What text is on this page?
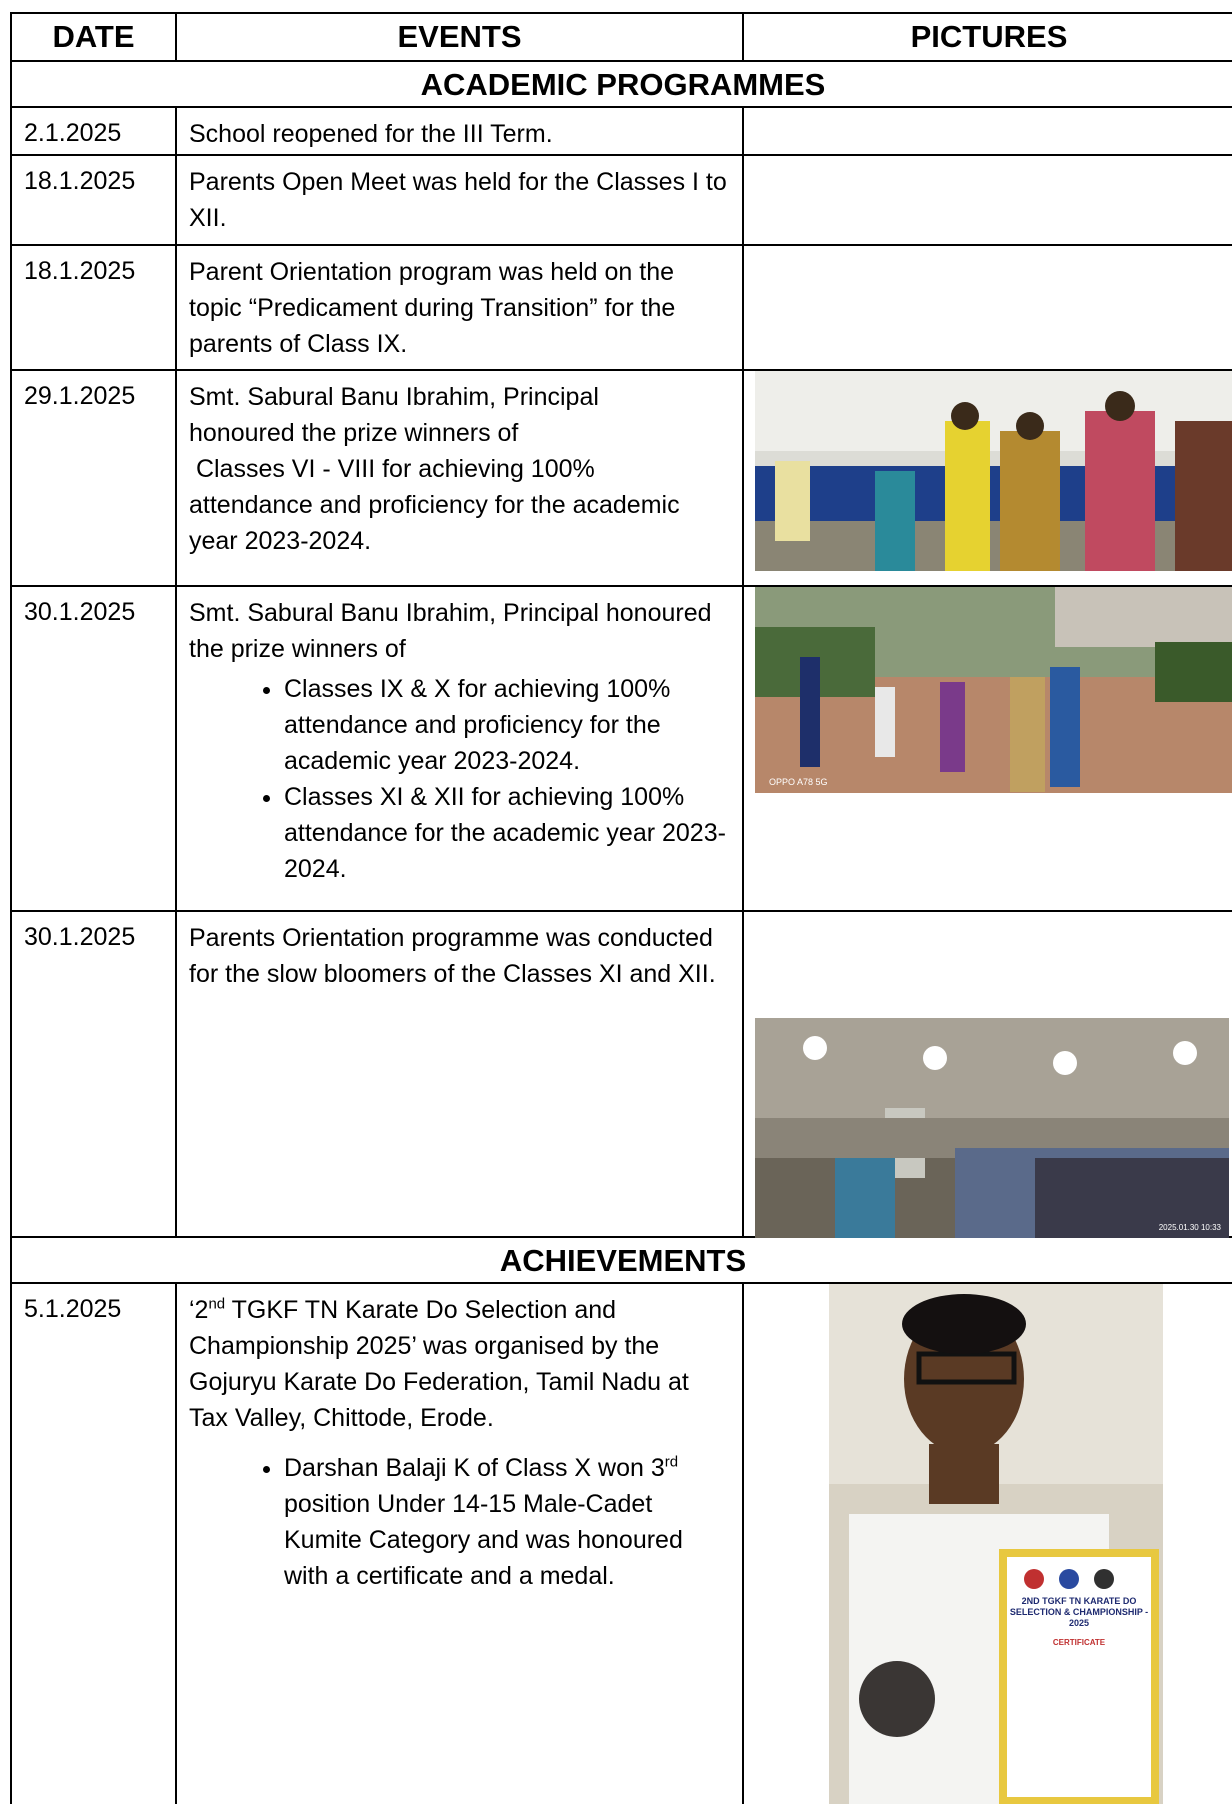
DATE	EVENTS	PICTURES
ACADEMIC PROGRAMMES
2.1.2025	School reopened for the III Term.
18.1.2025	Parents Open Meet was held for the Classes I to XII.
18.1.2025	Parent Orientation program was held on the topic “Predicament during Transition” for the parents of Class IX.
29.1.2025	Smt. Sabural Banu Ibrahim, Principal

honoured the prize winners of

Classes VI - VIII for achieving 100%

attendance and proficiency for the academic year 2023-2024.

30.1.2025	Smt. Sabural Banu Ibrahim, Principal honoured the prize winners of

• Classes IX & X for achieving 100% attendance and proficiency for the academic year 2023-2024.
• Classes XI & XII for achieving 100% attendance for the academic year 2023-2024.
OPPO A78 5G
30.1.2025	Parents Orientation programme was conducted for the slow bloomers of the Classes XI and XII.
2025.01.30 10:33
ACHIEVEMENTS
5.1.2025	‘2nd TGKF TN Karate Do Selection and Championship 2025’ was organised by the Gojuryu Karate Do Federation, Tamil Nadu at Tax Valley, Chittode, Erode.

• Darshan Balaji K of Class X won 3rd position Under 14-15 Male-Cadet Kumite Category and was honoured with a certificate and a medal.
2ND TGKF TN KARATE DO
SELECTION & CHAMPIONSHIP - 2025
CERTIFICATE
